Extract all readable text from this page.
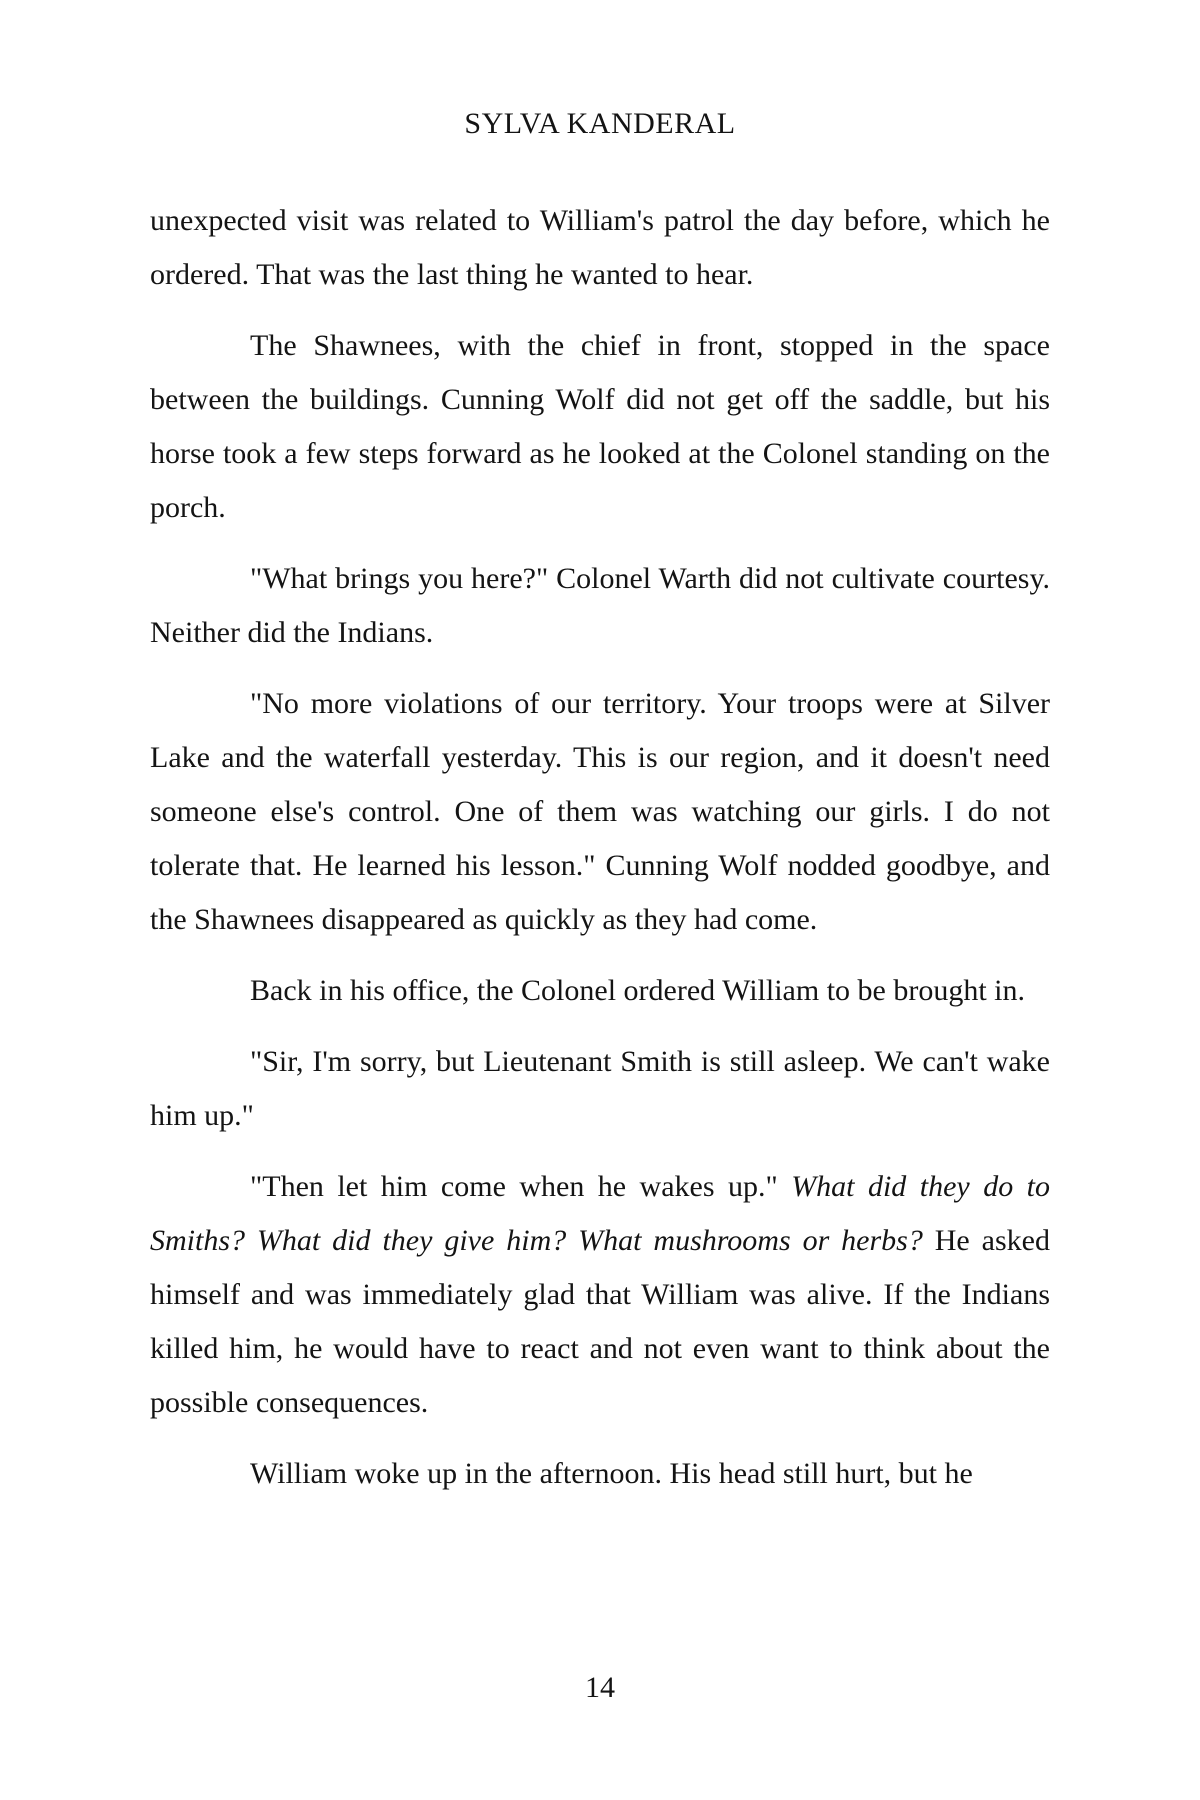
SYLVA KANDERAL

unexpected visit was related to William's patrol the day before, which he ordered. That was the last thing he wanted to hear.

The Shawnees, with the chief in front, stopped in the space between the buildings. Cunning Wolf did not get off the saddle, but his horse took a few steps forward as he looked at the Colonel standing on the porch.

"What brings you here?" Colonel Warth did not cultivate courtesy. Neither did the Indians.

"No more violations of our territory. Your troops were at Silver Lake and the waterfall yesterday. This is our region, and it doesn't need someone else's control. One of them was watching our girls. I do not tolerate that. He learned his lesson." Cunning Wolf nodded goodbye, and the Shawnees disappeared as quickly as they had come.

Back in his office, the Colonel ordered William to be brought in.

"Sir, I'm sorry, but Lieutenant Smith is still asleep. We can't wake him up."

"Then let him come when he wakes up." What did they do to Smiths? What did they give him? What mushrooms or herbs? He asked himself and was immediately glad that William was alive. If the Indians killed him, he would have to react and not even want to think about the possible consequences.

William woke up in the afternoon. His head still hurt, but he

14
